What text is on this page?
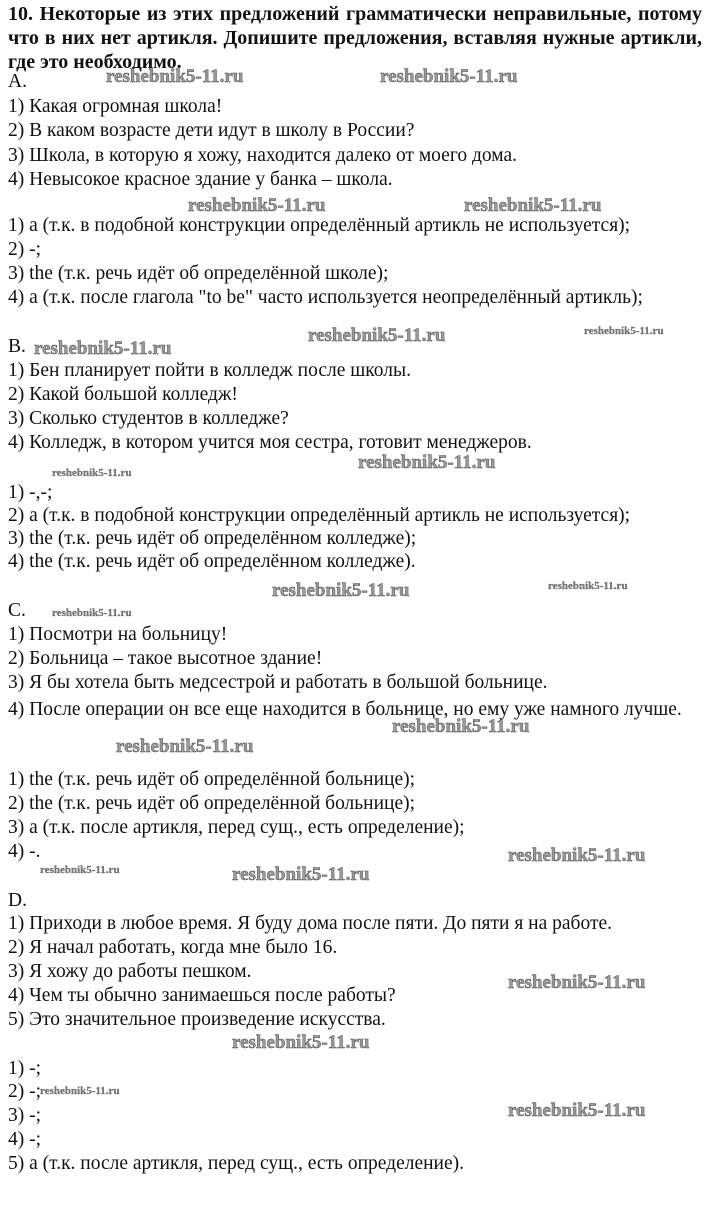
10. Некоторые из этих предложений грамматически неправильные, потому что в них нет артикля. Допишите предложения, вставляя нужные артикли, где это необходимо.
A.
1) Какая огромная школа!
2) В каком возрасте дети идут в школу в России?
3) Школа, в которую я хожу, находится далеко от моего дома.
4) Невысокое красное здание у банка – школа.
1) a (т.к. в подобной конструкции определённый артикль не используется);
2) -;
3) the (т.к. речь идёт об определённой школе);
4) a (т.к. после глагола "to be" часто используется неопределённый артикль);
B.
1) Бен планирует пойти в колледж после школы.
2) Какой большой колледж!
3) Сколько студентов в колледже?
4) Колледж, в котором учится моя сестра, готовит менеджеров.
1) -,-;
2) a (т.к. в подобной конструкции определённый артикль не используется);
3) the (т.к. речь идёт об определённом колледже);
4) the (т.к. речь идёт об определённом колледже).
C.
1) Посмотри на больницу!
2) Больница – такое высотное здание!
3) Я бы хотела быть медсестрой и работать в большой больнице.
4) После операции он все еще находится в больнице, но ему уже намного лучше.
1) the (т.к. речь идёт об определённой больнице);
2) the (т.к. речь идёт об определённой больнице);
3) a (т.к. после артикля, перед сущ., есть определение);
4) -.
D.
1) Приходи в любое время. Я буду дома после пяти. До пяти я на работе.
2) Я начал работать, когда мне было 16.
3) Я хожу до работы пешком.
4) Чем ты обычно занимаешься после работы?
5) Это значительное произведение искусства.
1) -;
2) -;
3) -;
4) -;
5) a (т.к. после артикля, перед сущ., есть определение).
reshebnik5-11.ru	reshebnik5-11.ru
reshebnik5-11.ru	reshebnik5-11.ru
reshebnik5-11.ru	reshebnik5-11.ru
reshebnik5-11.ru
reshebnik5-11.ru
reshebnik5-11.ru
reshebnik5-11.ru	reshebnik5-11.ru
reshebnik5-11.ru
reshebnik5-11.ru
reshebnik5-11.ru
reshebnik5-11.ru
reshebnik5-11.ru	reshebnik5-11.ru
reshebnik5-11.ru
reshebnik5-11.ru
reshebnik5-11.ru
reshebnik5-11.ru
